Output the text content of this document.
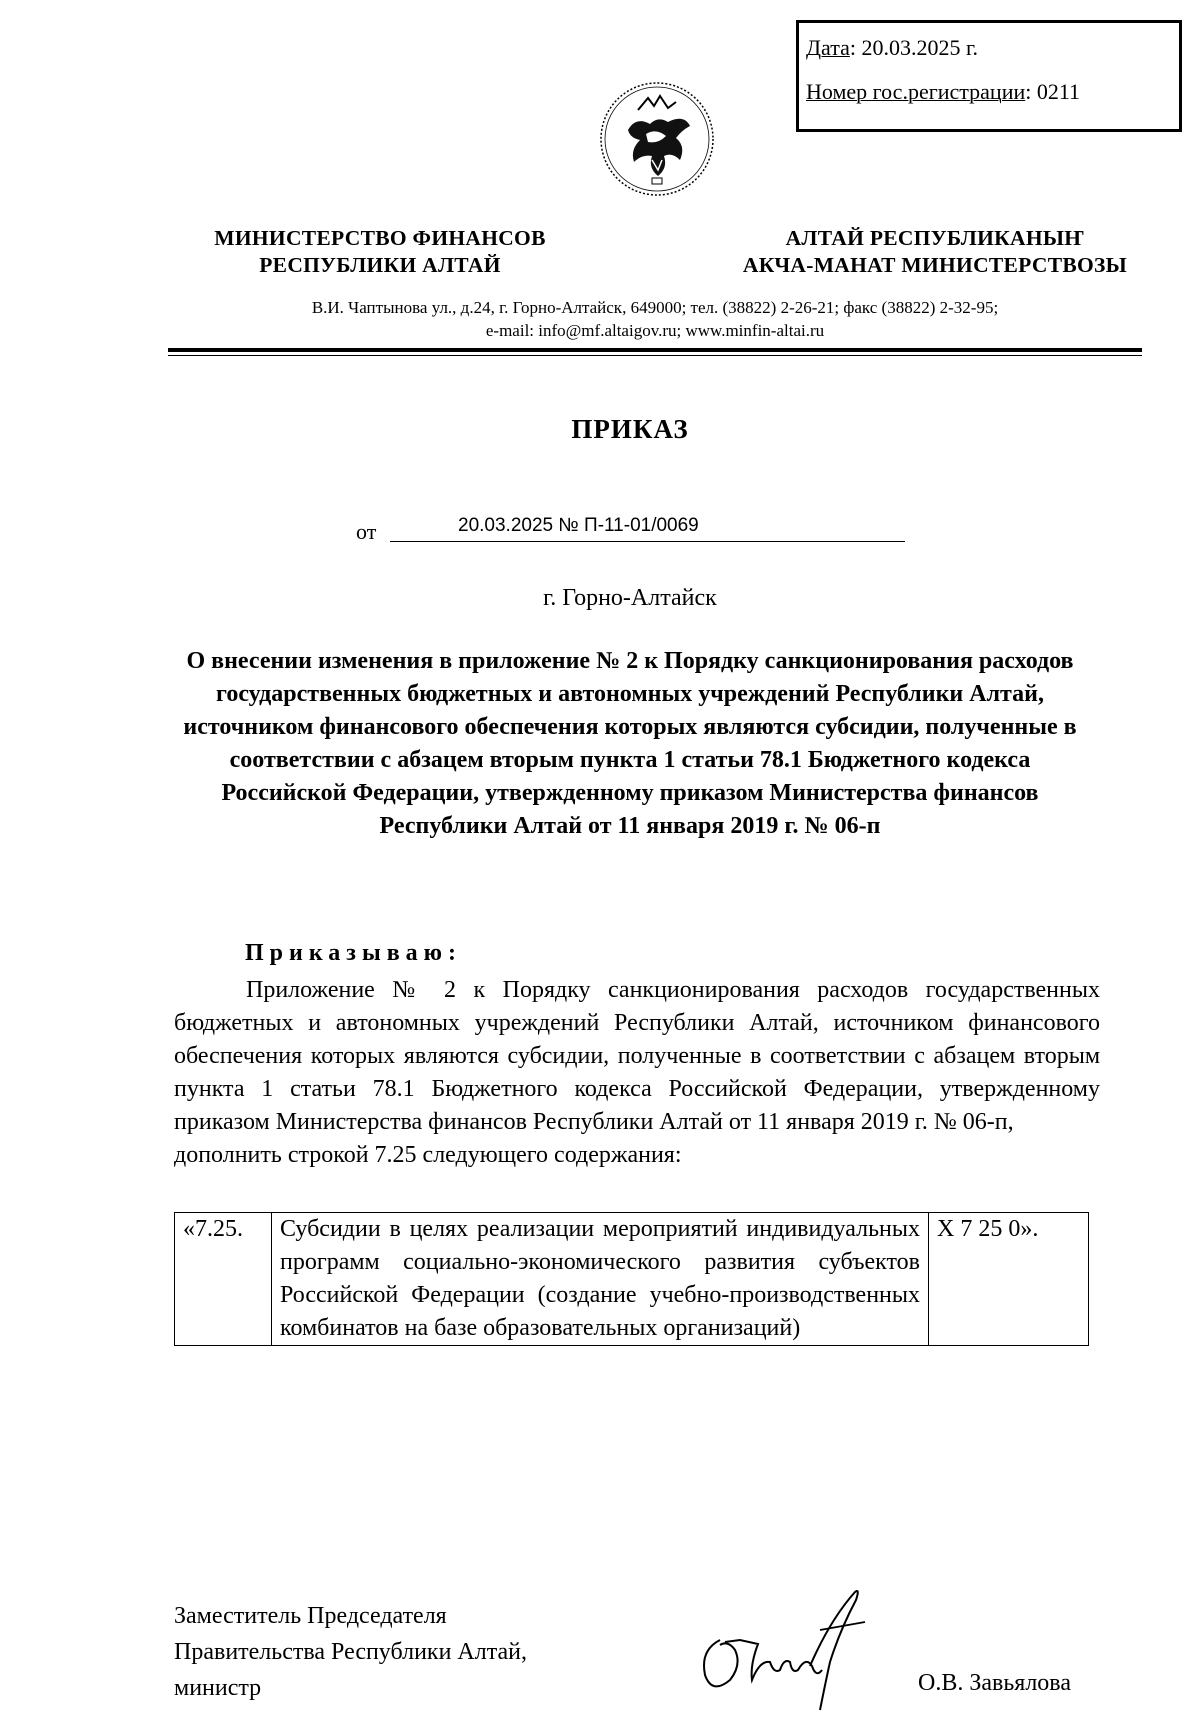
Дата: 20.03.2025 г.
Номер гос.регистрации: 0211
МИНИСТЕРСТВО ФИНАНСОВ
РЕСПУБЛИКИ АЛТАЙ
АЛТАЙ РЕСПУБЛИКАНЫҤ
АКЧА-МАНАТ МИНИСТЕРСТВОЗЫ
В.И. Чаптынова ул., д.24, г. Горно-Алтайск, 649000; тел. (38822) 2-26-21; факс (38822) 2-32-95;
e-mail: info@mf.altaigov.ru; www.minfin-altai.ru
ПРИКАЗ
от	20.03.2025 № П-11-01/0069
г. Горно-Алтайск
О внесении изменения в приложение № 2 к Порядку санкционирования расходов государственных бюджетных и автономных учреждений Республики Алтай, источником финансового обеспечения которых являются субсидии, полученные в соответствии с абзацем вторым пункта 1 статьи 78.1 Бюджетного кодекса Российской Федерации, утвержденному приказом Министерства финансов Республики Алтай от 11 января 2019 г. № 06-п
Приказываю:
Приложение № 2 к Порядку санкционирования расходов государственных бюджетных и автономных учреждений Республики Алтай, источником финансового обеспечения которых являются субсидии, полученные в соответствии с абзацем вторым пункта 1 статьи 78.1 Бюджетного кодекса Российской Федерации, утвержденному приказом Министерства финансов Республики Алтай от 11 января 2019 г. № 06-п,
дополнить строкой 7.25 следующего содержания:
«7.25.	Субсидии в целях реализации мероприятий индивидуальных программ социально-экономического развития субъектов Российской Федерации (создание учебно-производственных комбинатов на базе образовательных организаций)	Х 7 25 0».
Заместитель Председателя
Правительства Республики Алтай,
министр	О.В. Завьялова
